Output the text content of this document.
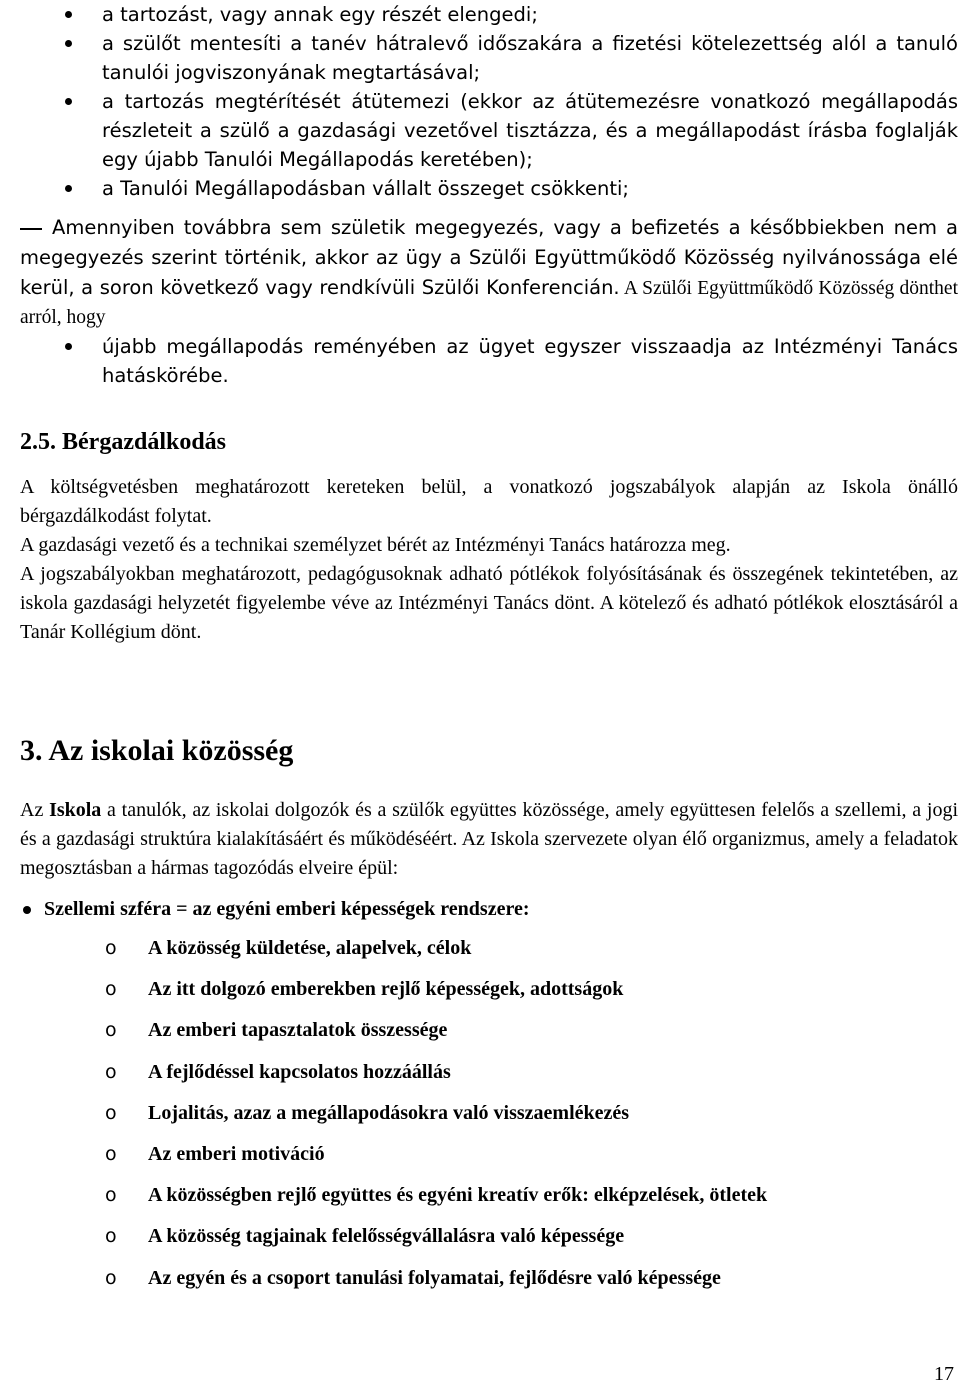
a tartozást, vagy annak egy részét elengedi;
a szülőt mentesíti a tanév hátralevő időszakára a fizetési kötelezettség alól a tanuló tanulói jogviszonyának megtartásával;
a tartozás megtérítését átütemezi (ekkor az átütemezésre vonatkozó megállapodás részleteit a szülő a gazdasági vezetővel tisztázza, és a megállapodást írásba foglalják egy újabb Tanulói Megállapodás keretében);
a Tanulói Megállapodásban vállalt összeget csökkenti;
Amennyiben továbbra sem születik megegyezés, vagy a befizetés a későbbiekben nem a megegyezés szerint történik, akkor az ügy a Szülői Együttműködő Közösség nyilvánossága elé kerül, a soron következő vagy rendkívüli Szülői Konferencián. A Szülői Együttműködő Közösség dönthet arról, hogy
újabb megállapodás reményében az ügyet egyszer visszaadja az Intézményi Tanács hatáskörébe.
2.5. Bérgazdálkodás

A költségvetésben meghatározott kereteken belül, a vonatkozó jogszabályok alapján az Iskola önálló bérgazdálkodást folytat.

A gazdasági vezető és a technikai személyzet bérét az Intézményi Tanács határozza meg.

A jogszabályokban meghatározott, pedagógusoknak adható pótlékok folyósításának és összegének tekintetében, az iskola gazdasági helyzetét figyelembe véve az Intézményi Tanács dönt. A kötelező és adható pótlékok elosztásáról a Tanár Kollégium dönt.

3. Az iskolai közösség

Az Iskola a tanulók, az iskolai dolgozók és a szülők együttes közössége, amely együttesen felelős a szellemi, a jogi és a gazdasági struktúra kialakításáért és működéséért. Az Iskola szervezete olyan élő organizmus, amely a feladatok megosztásban a hármas tagozódás elveire épül:

Szellemi szféra = az egyéni emberi képességek rendszere:
o A közösség küldetése, alapelvek, célok
o Az itt dolgozó emberekben rejlő képességek, adottságok
o Az emberi tapasztalatok összessége
o A fejlődéssel kapcsolatos hozzáállás
o Lojalitás, azaz a megállapodásokra való visszaemlékezés
o Az emberi motiváció
o A közösségben rejlő együttes és egyéni kreatív erők: elképzelések, ötletek
o A közösség tagjainak felelősségvállalásra való képessége
o Az egyén és a csoport tanulási folyamatai, fejlődésre való képessége
17
